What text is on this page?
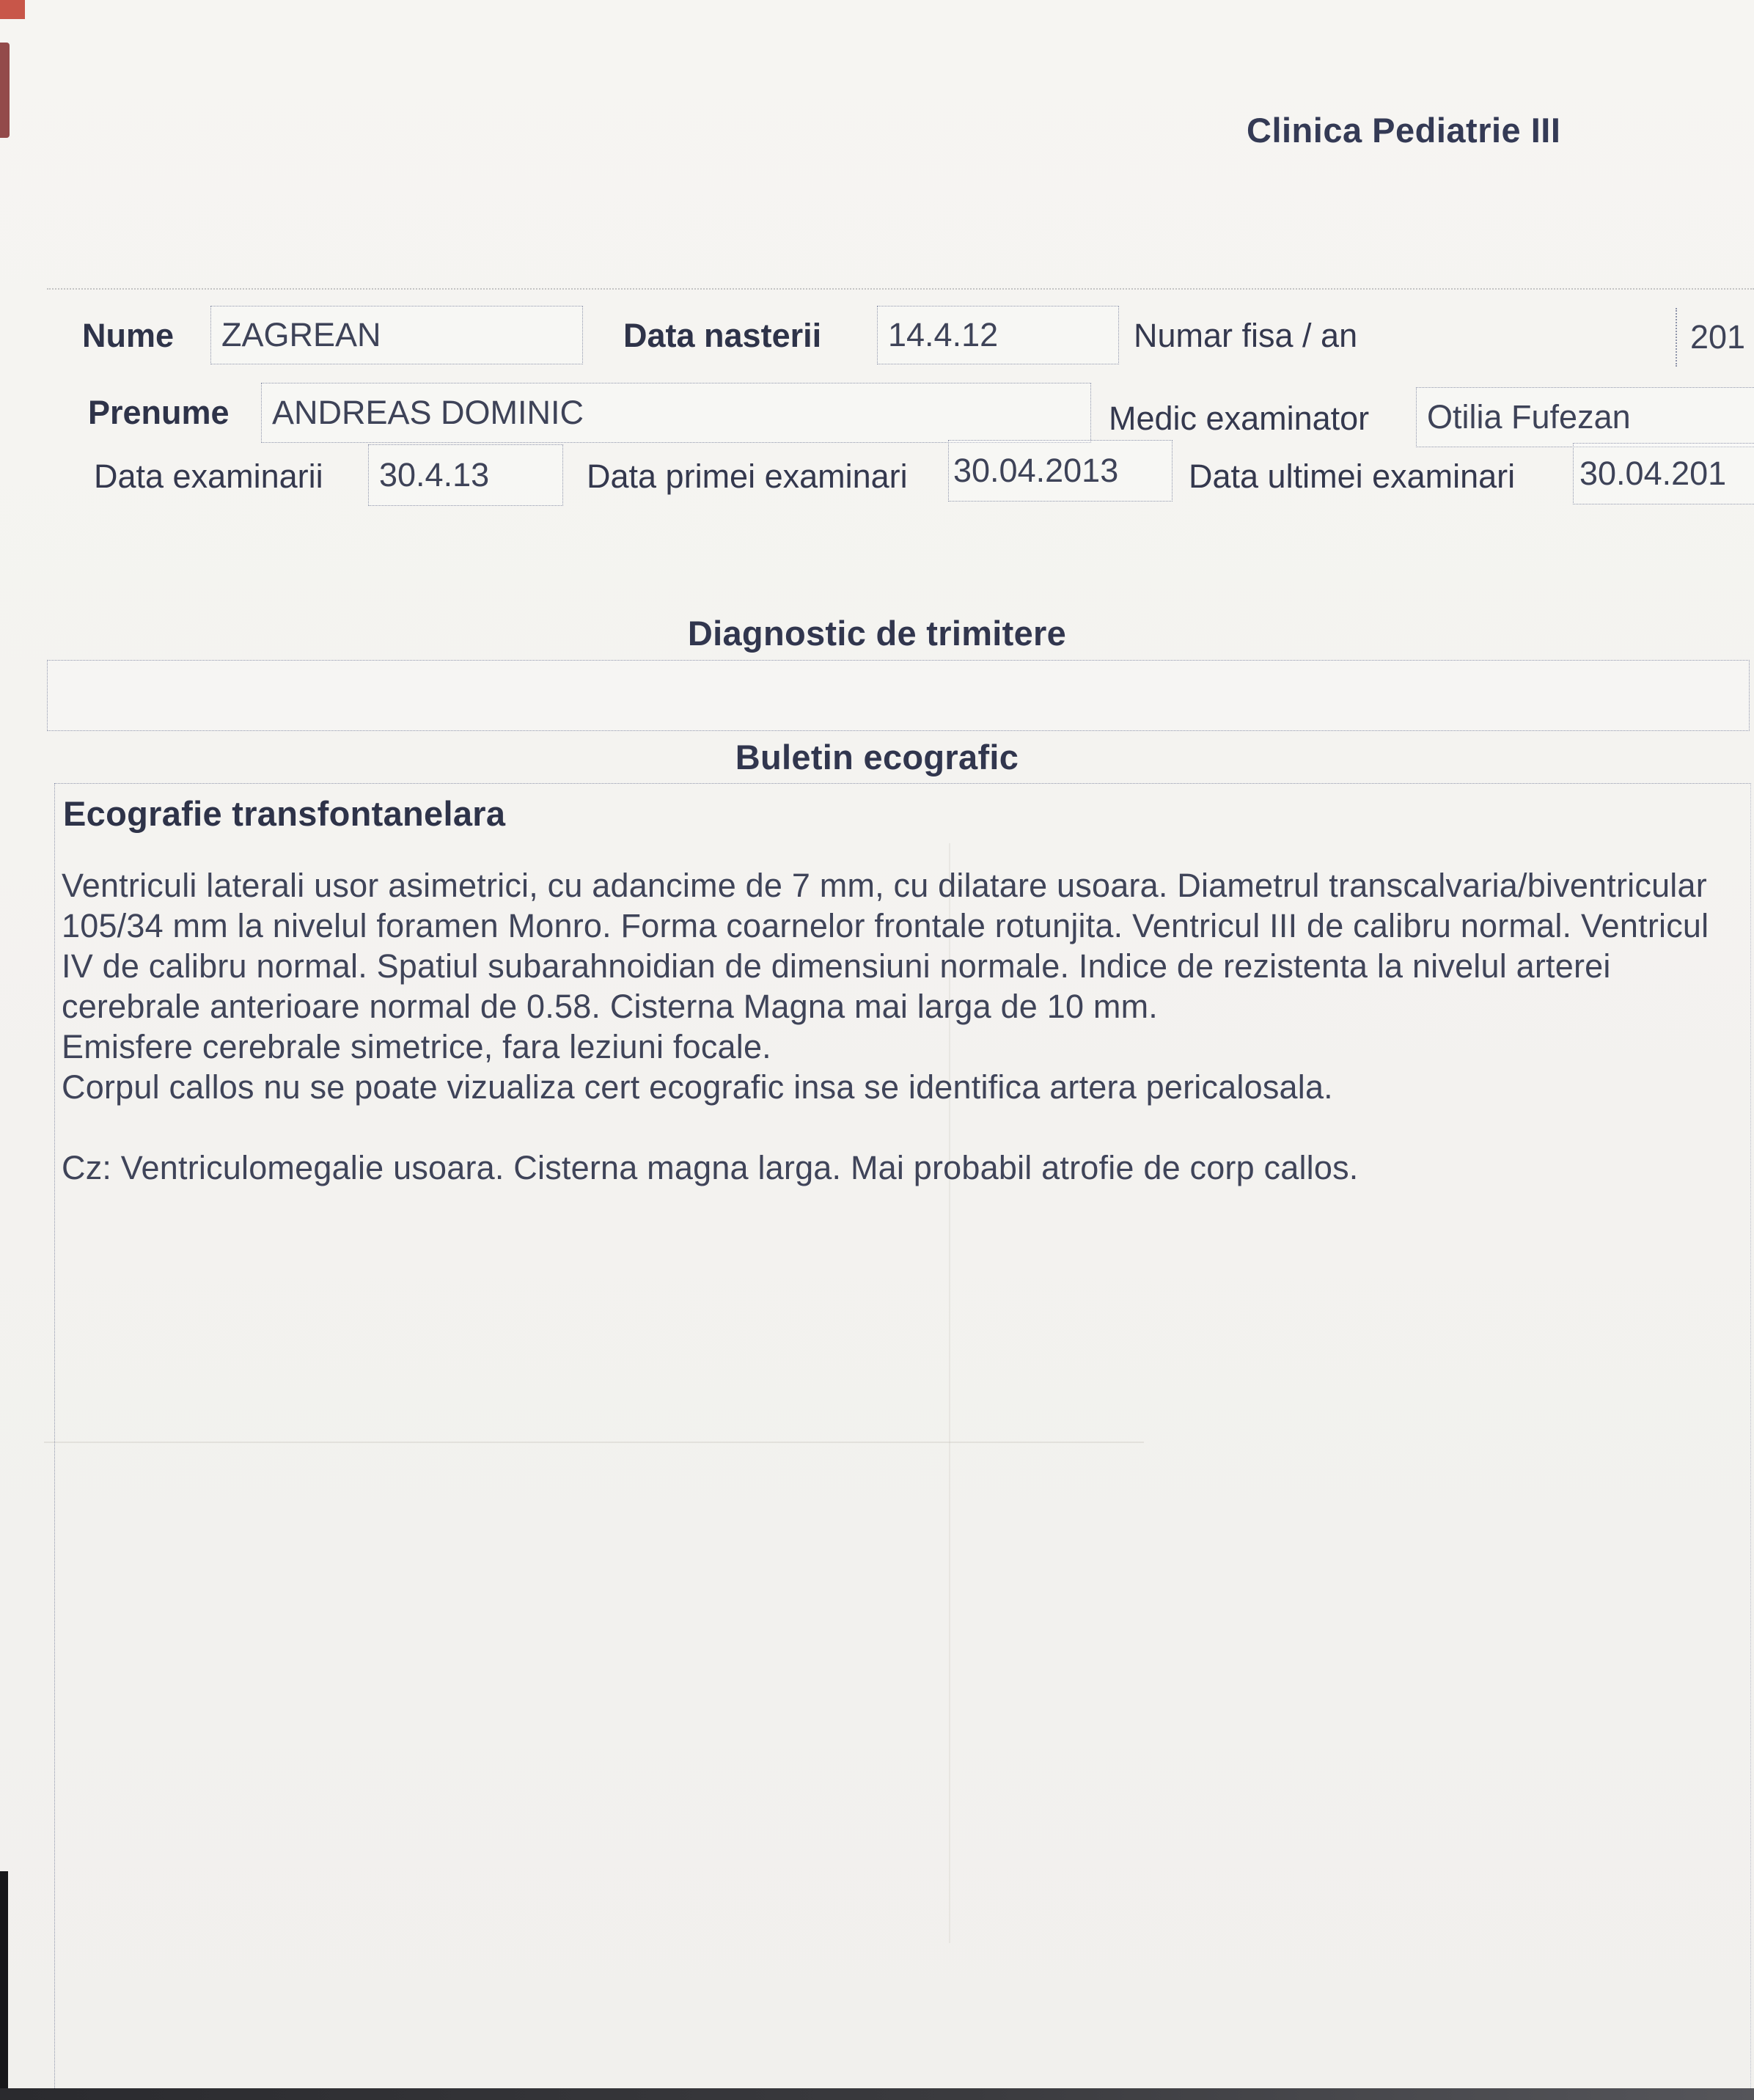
Clinica Pediatrie III
Nume ZAGREAN	Data nasterii 14.4.12	Numar fisa / an	201
Prenume ANDREAS DOMINIC	Medic examinator Otilia Fufezan
Data examinarii 30.4.13	Data primei examinari 30.04.2013 Data ultimei examinari 30.04.201
Diagnostic de trimitere
Buletin ecografic
Ecografie transfontanelara

Ventriculi laterali usor asimetrici, cu adancime de 7 mm, cu dilatare usoara. Diametrul transcalvaria/biventricular 105/34 mm la nivelul foramen Monro. Forma coarnelor frontale rotunjita. Ventricul III de calibru normal. Ventricul IV de calibru normal. Spatiul subarahnoidian de dimensiuni normale. Indice de rezistenta la nivelul arterei cerebrale anterioare normal de 0.58. Cisterna Magna mai larga de 10 mm.

Emisfere cerebrale simetrice, fara leziuni focale.

Corpul callos nu se poate vizualiza cert ecografic insa se identifica artera pericalosala.

Cz: Ventriculomegalie usoara. Cisterna magna larga. Mai probabil atrofie de corp callos.
